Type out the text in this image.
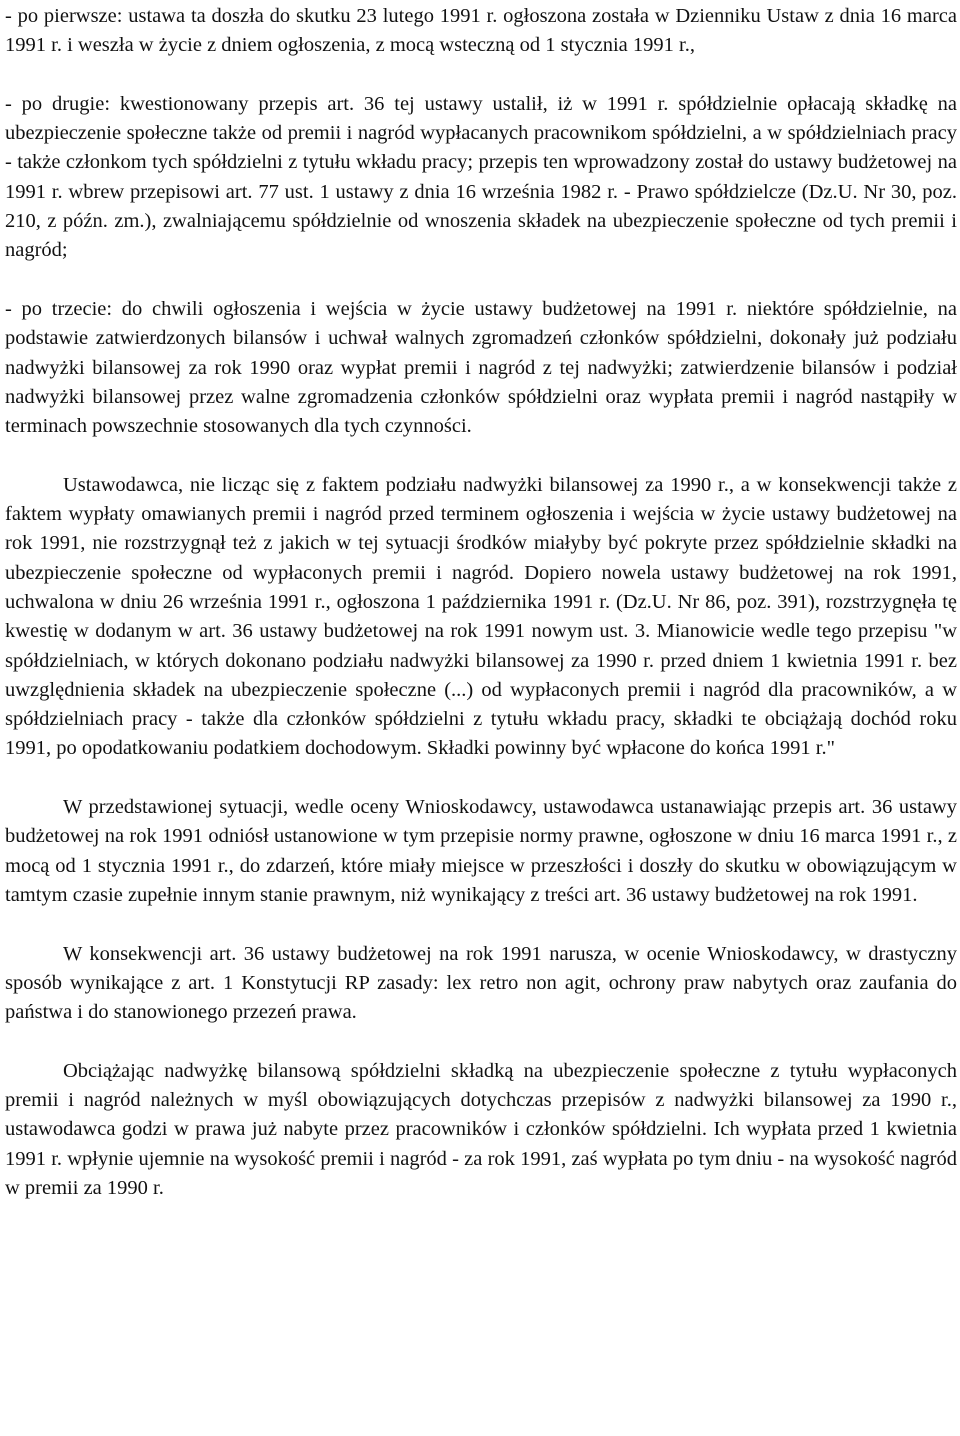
- po pierwsze: ustawa ta doszła do skutku 23 lutego 1991 r. ogłoszona została w Dzienniku Ustaw z dnia 16 marca 1991 r. i weszła w życie z dniem ogłoszenia, z mocą wsteczną od 1 stycznia 1991 r.,

- po drugie: kwestionowany przepis art. 36 tej ustawy ustalił, iż w 1991 r. spółdzielnie opłacają składkę na ubezpieczenie społeczne także od premii i nagród wypłacanych pracownikom spółdzielni, a w spółdzielniach pracy - także członkom tych spółdzielni z tytułu wkładu pracy; przepis ten wprowadzony został do ustawy budżetowej na 1991 r. wbrew przepisowi art. 77 ust. 1 ustawy z dnia 16 września 1982 r. - Prawo spółdzielcze (Dz.U. Nr 30, poz. 210, z późn. zm.), zwalniającemu spółdzielnie od wnoszenia składek na ubezpieczenie społeczne od tych premii i nagród;

- po trzecie: do chwili ogłoszenia i wejścia w życie ustawy budżetowej na 1991 r. niektóre spółdzielnie, na podstawie zatwierdzonych bilansów i uchwał walnych zgromadzeń członków spółdzielni, dokonały już podziału nadwyżki bilansowej za rok 1990 oraz wypłat premii i nagród z tej nadwyżki; zatwierdzenie bilansów i podział nadwyżki bilansowej przez walne zgromadzenia członków spółdzielni oraz wypłata premii i nagród nastąpiły w terminach powszechnie stosowanych dla tych czynności.

Ustawodawca, nie licząc się z faktem podziału nadwyżki bilansowej za 1990 r., a w konsekwencji także z faktem wypłaty omawianych premii i nagród przed terminem ogłoszenia i wejścia w życie ustawy budżetowej na rok 1991, nie rozstrzygnął też z jakich w tej sytuacji środków miałyby być pokryte przez spółdzielnie składki na ubezpieczenie społeczne od wypłaconych premii i nagród. Dopiero nowela ustawy budżetowej na rok 1991, uchwalona w dniu 26 września 1991 r., ogłoszona 1 października 1991 r. (Dz.U. Nr 86, poz. 391), rozstrzygnęła tę kwestię w dodanym w art. 36 ustawy budżetowej na rok 1991 nowym ust. 3. Mianowicie wedle tego przepisu "w spółdzielniach, w których dokonano podziału nadwyżki bilansowej za 1990 r. przed dniem 1 kwietnia 1991 r. bez uwzględnienia składek na ubezpieczenie społeczne (...) od wypłaconych premii i nagród dla pracowników, a w spółdzielniach pracy - także dla członków spółdzielni z tytułu wkładu pracy, składki te obciążają dochód roku 1991, po opodatkowaniu podatkiem dochodowym. Składki powinny być wpłacone do końca 1991 r."

W przedstawionej sytuacji, wedle oceny Wnioskodawcy, ustawodawca ustanawiając przepis art. 36 ustawy budżetowej na rok 1991 odniósł ustanowione w tym przepisie normy prawne, ogłoszone w dniu 16 marca 1991 r., z mocą od 1 stycznia 1991 r., do zdarzeń, które miały miejsce w przeszłości i doszły do skutku w obowiązującym w tamtym czasie zupełnie innym stanie prawnym, niż wynikający z treści art. 36 ustawy budżetowej na rok 1991.

W konsekwencji art. 36 ustawy budżetowej na rok 1991 narusza, w ocenie Wnioskodawcy, w drastyczny sposób wynikające z art. 1 Konstytucji RP zasady: lex retro non agit, ochrony praw nabytych oraz zaufania do państwa i do stanowionego przezeń prawa.

Obciążając nadwyżkę bilansową spółdzielni składką na ubezpieczenie społeczne z tytułu wypłaconych premii i nagród należnych w myśl obowiązujących dotychczas przepisów z nadwyżki bilansowej za 1990 r., ustawodawca godzi w prawa już nabyte przez pracowników i członków spółdzielni. Ich wypłata przed 1 kwietnia 1991 r. wpłynie ujemnie na wysokość premii i nagród - za rok 1991, zaś wypłata po tym dniu - na wysokość nagród w premii za 1990 r.
